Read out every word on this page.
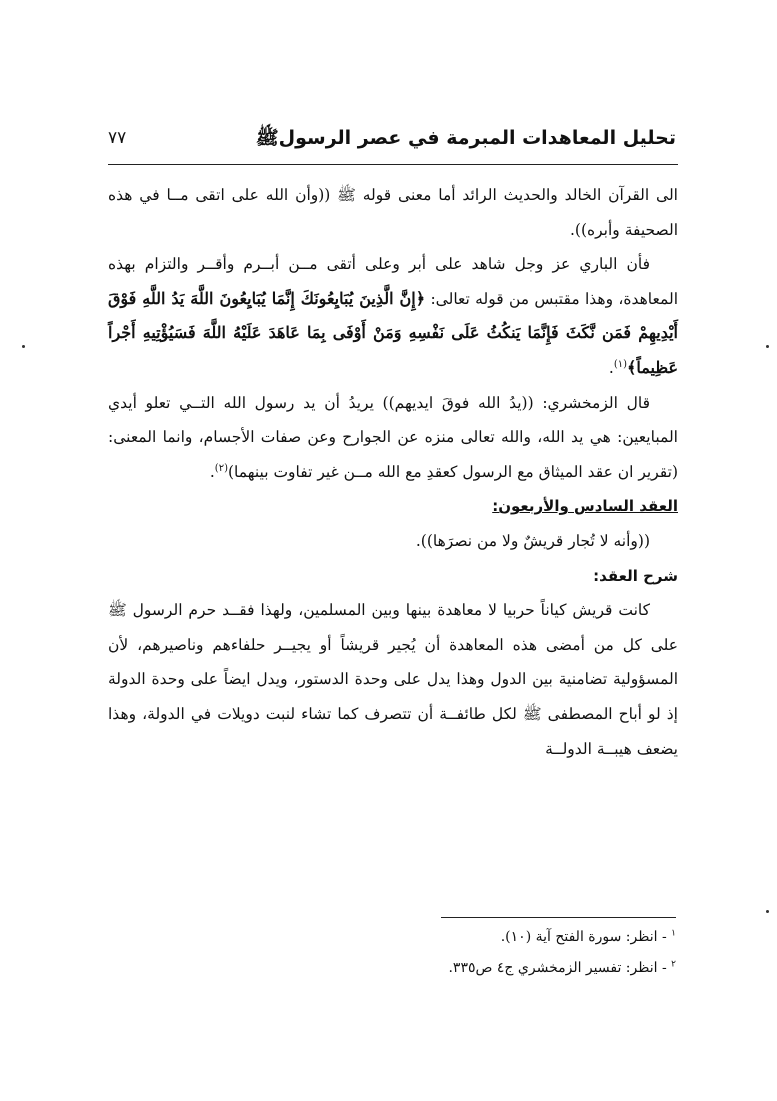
تحليل المعاهدات المبرمة في عصر الرسولﷺ
٧٧

الى القرآن الخالد والحديث الرائد أما معنى قوله ﷺ ((وأن الله على اتقى مــا في هذه الصحيفة وأبره)).

فأن الباري عز وجل شاهد على أبر وعلى أتقى مــن أبــرم وأقــر والتزام بهذه المعاهدة، وهذا مقتبس من قوله تعالى: ﴿إِنَّ الَّذِينَ يُبَايِعُونَكَ إِنَّمَا يُبَايِعُونَ اللَّهَ يَدُ اللَّهِ فَوْقَ أَيْدِيهِمْ فَمَن نَّكَثَ فَإِنَّمَا يَنكُثُ عَلَى نَفْسِهِ وَمَنْ أَوْفَى بِمَا عَاهَدَ عَلَيْهُ اللَّهَ فَسَيُؤْتِيهِ أَجْراً عَظِيماً﴾$^{(١)}$.

قال الزمخشري: ((يدُ الله فوقَ ايديهم)) يريدُ أن يد رسول الله التــي تعلو أيدي المبايعين: هي يد الله، والله تعالى منزه عن الجوارح وعن صفات الأجسام، وانما المعنى: (تقرير ان عقد الميثاق مع الرسول كعقدِ مع الله مــن غير تفاوت بينهما)$^{(٢)}$.

العقد السادس والأربعون:

((وأنه لا تُجار قريشٌ ولا من نصرَها)).

شرح العقد:

كانت قريش كياناً حربيا لا معاهدة بينها وبين المسلمين، ولهذا فقــد حرم الرسول ﷺ على كل من أمضى هذه المعاهدة أن يُجير قريشاً أو يجيــر حلفاءهم وناصيرهم، لأن المسؤولية تضامنية بين الدول وهذا يدل على وحدة الدستور، ويدل ايضاً على وحدة الدولة إذ لو أباح المصطفى ﷺ لكل طائفــة أن تتصرف كما تشاء لنبت دويلات في الدولة، وهذا يضعف هيبــة الدولــة

$^١$ - انظر: سورة الفتح آية (١٠).

$^٢$ - انظر: تفسير الزمخشري ج٤ ص٣٣٥.
